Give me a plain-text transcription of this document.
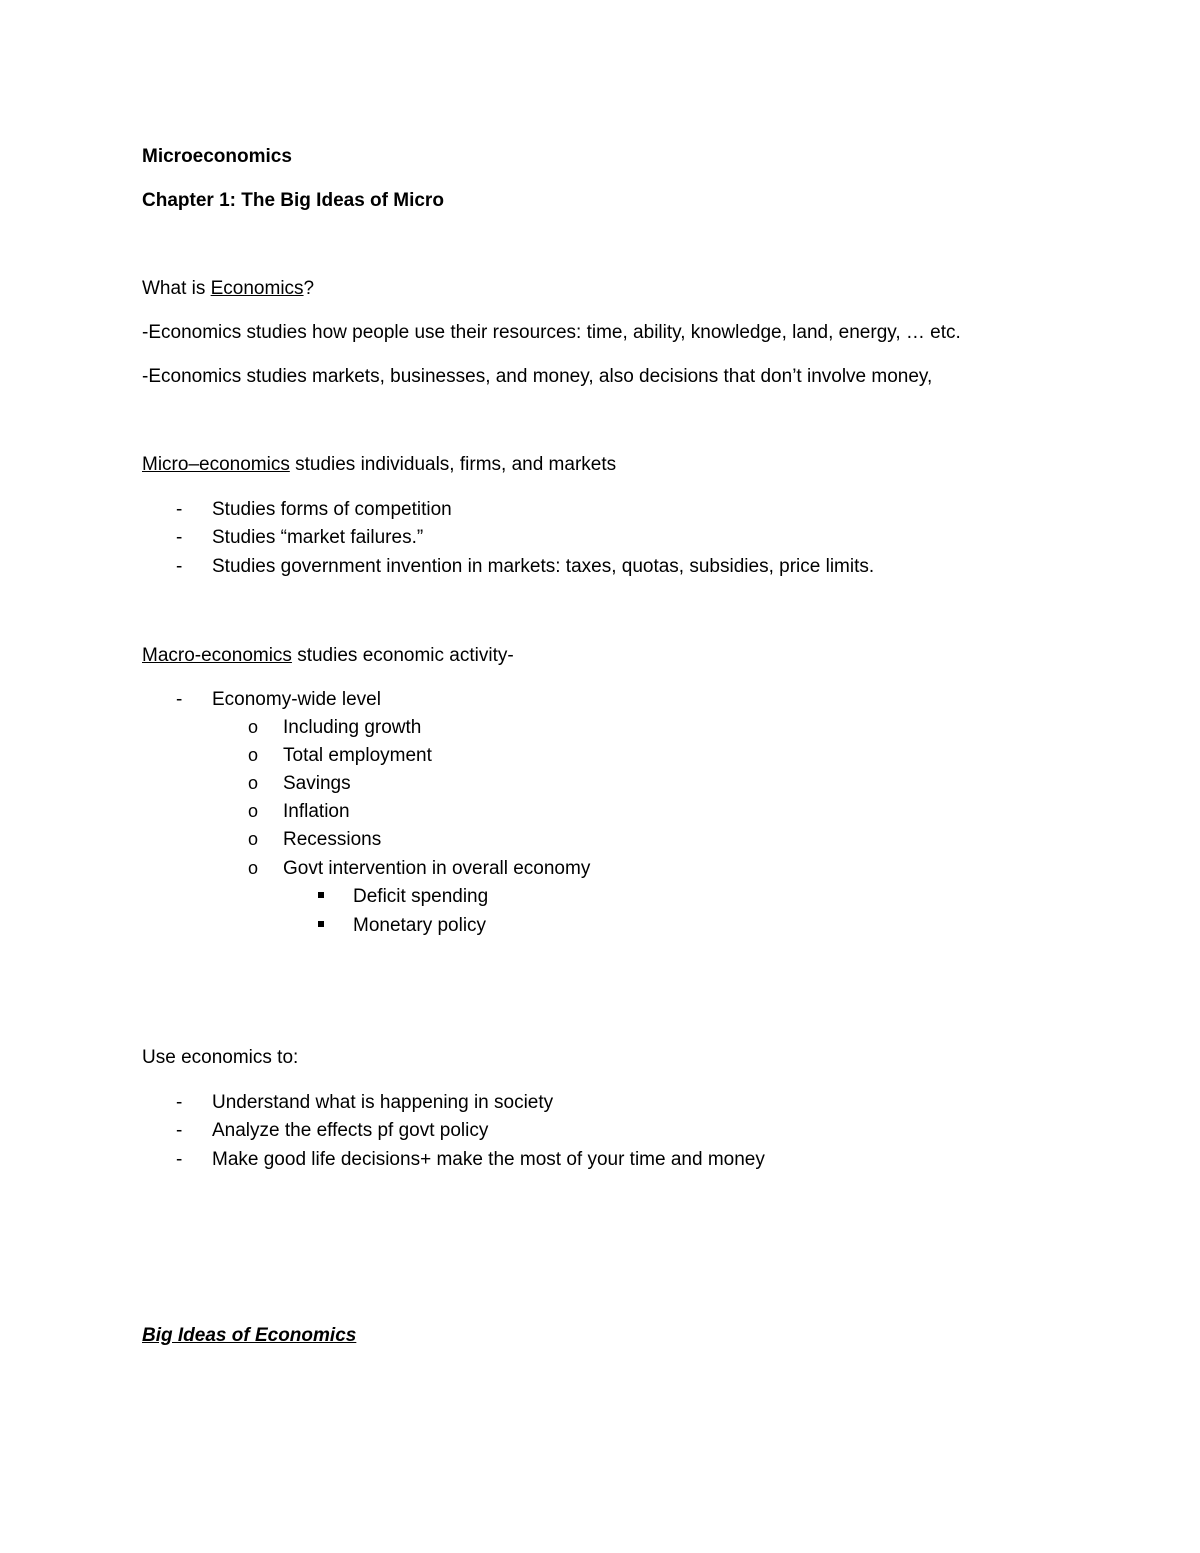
Microeconomics
Chapter 1: The Big Ideas of Micro
What is Economics?
-Economics studies how people use their resources: time, ability, knowledge, land, energy, … etc.
-Economics studies markets, businesses, and money, also decisions that don’t involve money,
Micro–economics studies individuals, firms, and markets
- Studies forms of competition
- Studies “market failures.”
- Studies government invention in markets: taxes, quotas, subsidies, price limits.
Macro-economics studies economic activity-
- Economy-wide level
o Including growth
o Total employment
o Savings
o Inflation
o Recessions
o Govt intervention in overall economy
Deficit spending
Monetary policy
Use economics to:
- Understand what is happening in society
- Analyze the effects pf govt policy
- Make good life decisions+ make the most of your time and money
Big Ideas of Economics
